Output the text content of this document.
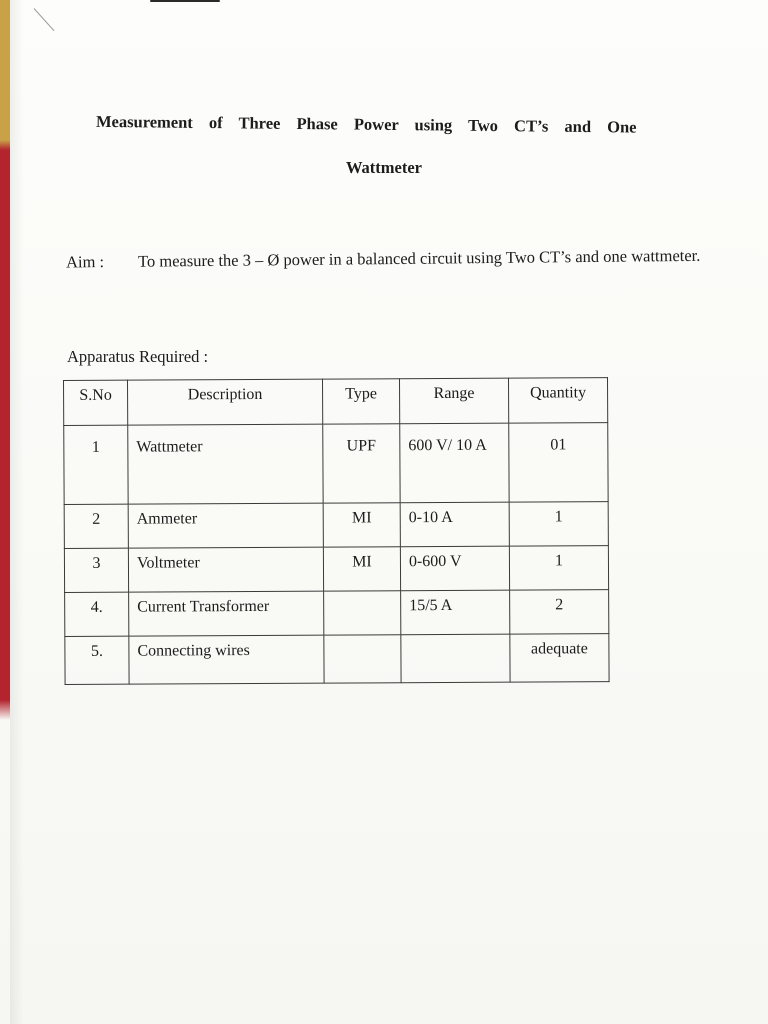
Measurement of Three Phase Power using Two CT’s and One
Wattmeter
Aim : To measure the 3 – Ø power in a balanced circuit using Two CT’s and one wattmeter.
Apparatus Required :
S.No	Description	Type	Range	Quantity
1	Wattmeter	UPF	600 V/ 10 A	01
2	Ammeter	MI	0-10 A	1
3	Voltmeter	MI	0-600 V	1
4.	Current Transformer		15/5 A	2
5.	Connecting wires			adequate
